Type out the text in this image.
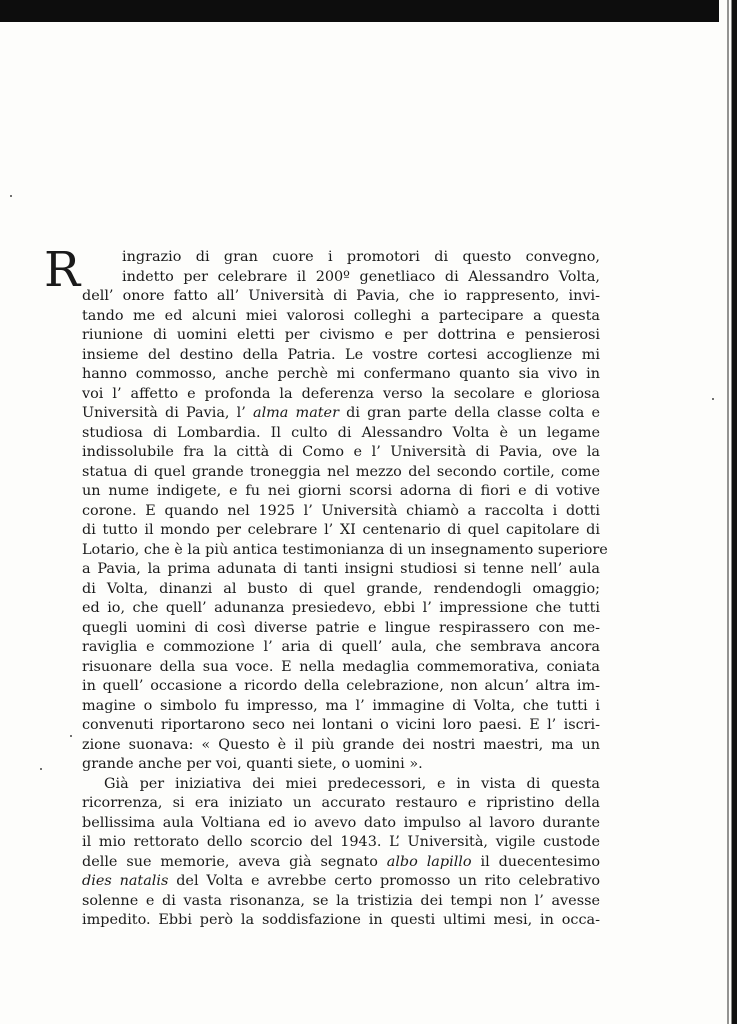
R	ingrazio di gran cuore i promotori di questo convegno,
indetto per celebrare il 200º genetliaco di Alessandro Volta,
dell’ onore fatto all’ Università di Pavia, che io rappresento, invi-
tando me ed alcuni miei valorosi colleghi a partecipare a questa
riunione di uomini eletti per civismo e per dottrina e pensierosi
insieme del destino della Patria. Le vostre cortesi accoglienze mi
hanno commosso, anche perchè mi confermano quanto sia vivo in
voi l’ affetto e profonda la deferenza verso la secolare e gloriosa
Università di Pavia, l’ alma mater di gran parte della classe colta e
studiosa di Lombardia. Il culto di Alessandro Volta è un legame
indissolubile fra la città di Como e l’ Università di Pavia, ove la
statua di quel grande troneggia nel mezzo del secondo cortile, come
un nume indigete, e fu nei giorni scorsi adorna di fiori e di votive
corone. E quando nel 1925 l’ Università chiamò a raccolta i dotti
di tutto il mondo per celebrare l’ XI centenario di quel capitolare di
Lotario, che è la più antica testimonianza di un insegnamento superiore
a Pavia, la prima adunata di tanti insigni studiosi si tenne nell’ aula
di Volta, dinanzi al busto di quel grande, rendendogli omaggio;
ed io, che quell’ adunanza presiedevo, ebbi l’ impressione che tutti
quegli uomini di così diverse patrie e lingue respirassero con me-
raviglia e commozione l’ aria di quell’ aula, che sembrava ancora
risuonare della sua voce. E nella medaglia commemorativa, coniata
in quell’ occasione a ricordo della celebrazione, non alcun’ altra im-
magine o simbolo fu impresso, ma l’ immagine di Volta, che tutti i
convenuti riportarono seco nei lontani o vicini loro paesi. E l’ iscri-
zione suonava: « Questo è il più grande dei nostri maestri, ma un
grande anche per voi, quanti siete, o uomini ».
Già per iniziativa dei miei predecessori, e in vista di questa
ricorrenza, si era iniziato un accurato restauro e ripristino della
bellissima aula Voltiana ed io avevo dato impulso al lavoro durante
il mio rettorato dello scorcio del 1943. L’ Università, vigile custode
delle sue memorie, aveva già segnato albo lapillo il duecentesimo
dies natalis del Volta e avrebbe certo promosso un rito celebrativo
solenne e di vasta risonanza, se la tristizia dei tempi non l’ avesse
impedito. Ebbi però la soddisfazione in questi ultimi mesi, in occa-
